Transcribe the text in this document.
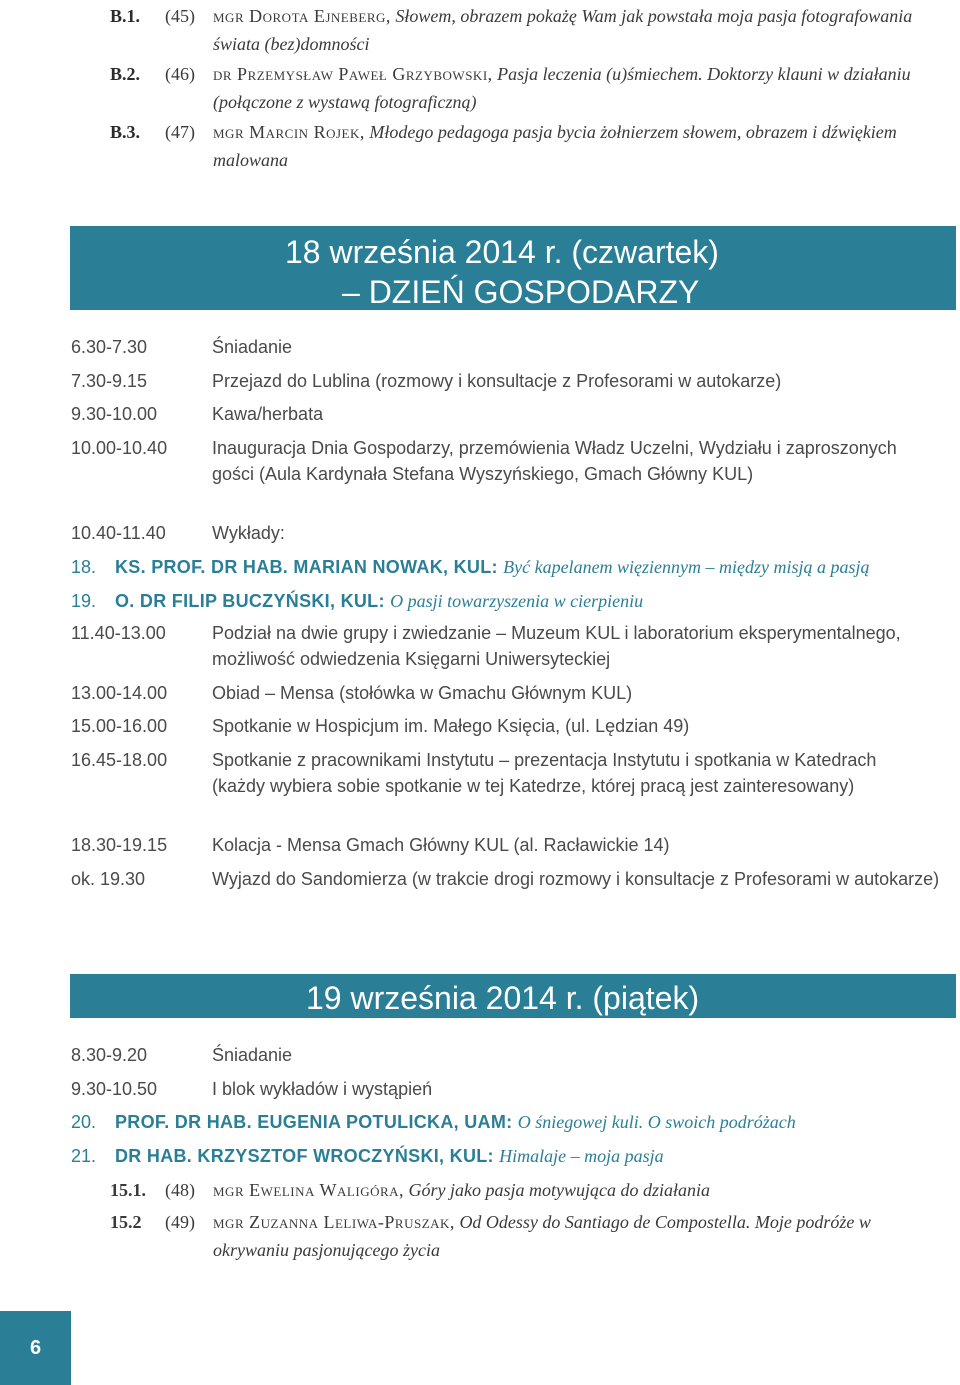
B.1. (45) mgr Dorota Ejneberg, Słowem, obrazem pokażę Wam jak powstała moja pasja fotografowania świata (bez)domności
B.2. (46) dr Przemysław Paweł Grzybowski, Pasja leczenia (u)śmiechem. Doktorzy klauni w działaniu (połączone z wystawą fotograficzną)
B.3. (47) mgr Marcin Rojek, Młodego pedagoga pasja bycia żołnierzem słowem, obrazem i dźwiękiem malowana
18 września 2014 r. (czwartek)
– DZIEŃ GOSPODARZY
6.30-7.30	Śniadanie
7.30-9.15	Przejazd do Lublina (rozmowy i konsultacje z Profesorami w autokarze)
9.30-10.00	Kawa/herbata
10.00-10.40 Inauguracja Dnia Gospodarzy, przemówienia Władz Uczelni, Wydziału i zaproszonych gości (Aula Kardynała Stefana Wyszyńskiego, Gmach Główny KUL)
10.40-11.40	Wykłady:
18. KS. PROF. DR HAB. MARIAN NOWAK, KUL: Być kapelanem więziennym – między misją a pasją
19. O. DR FILIP BUCZYŃSKI, KUL: O pasji towarzyszenia w cierpieniu
11.40-13.00	Podział na dwie grupy i zwiedzanie – Muzeum KUL i laboratorium eksperymentalnego, możliwość odwiedzenia Księgarni Uniwersyteckiej
13.00-14.00 Obiad – Mensa (stołówka w Gmachu Głównym KUL)
15.00-16.00 Spotkanie w Hospicjum im. Małego Księcia, (ul. Lędzian 49)
16.45-18.00 Spotkanie z pracownikami Instytutu – prezentacja Instytutu i spotkania w Katedrach (każdy wybiera sobie spotkanie w tej Katedrze, której pracą jest zainteresowany)
18.30-19.15 Kolacja - Mensa Gmach Główny KUL (al. Racławickie 14)
ok. 19.30	Wyjazd do Sandomierza (w trakcie drogi rozmowy i konsultacje z Profesorami w autokarze)
19 września 2014 r. (piątek)
8.30-9.20	Śniadanie
9.30-10.50	I blok wykładów i wystąpień
20. PROF. DR HAB. EUGENIA POTULICKA, UAM: O śniegowej kuli. O swoich podróżach
21. DR HAB. KRZYSZTOF WROCZYŃSKI, KUL: Himalaje – moja pasja
15.1. (48) mgr Ewelina Waligóra, Góry jako pasja motywująca do działania
15.2 (49) mgr Zuzanna Leliwa-Pruszak, Od Odessy do Santiago de Compostella. Moje podróże w okrywaniu pasjonującego życia
6
